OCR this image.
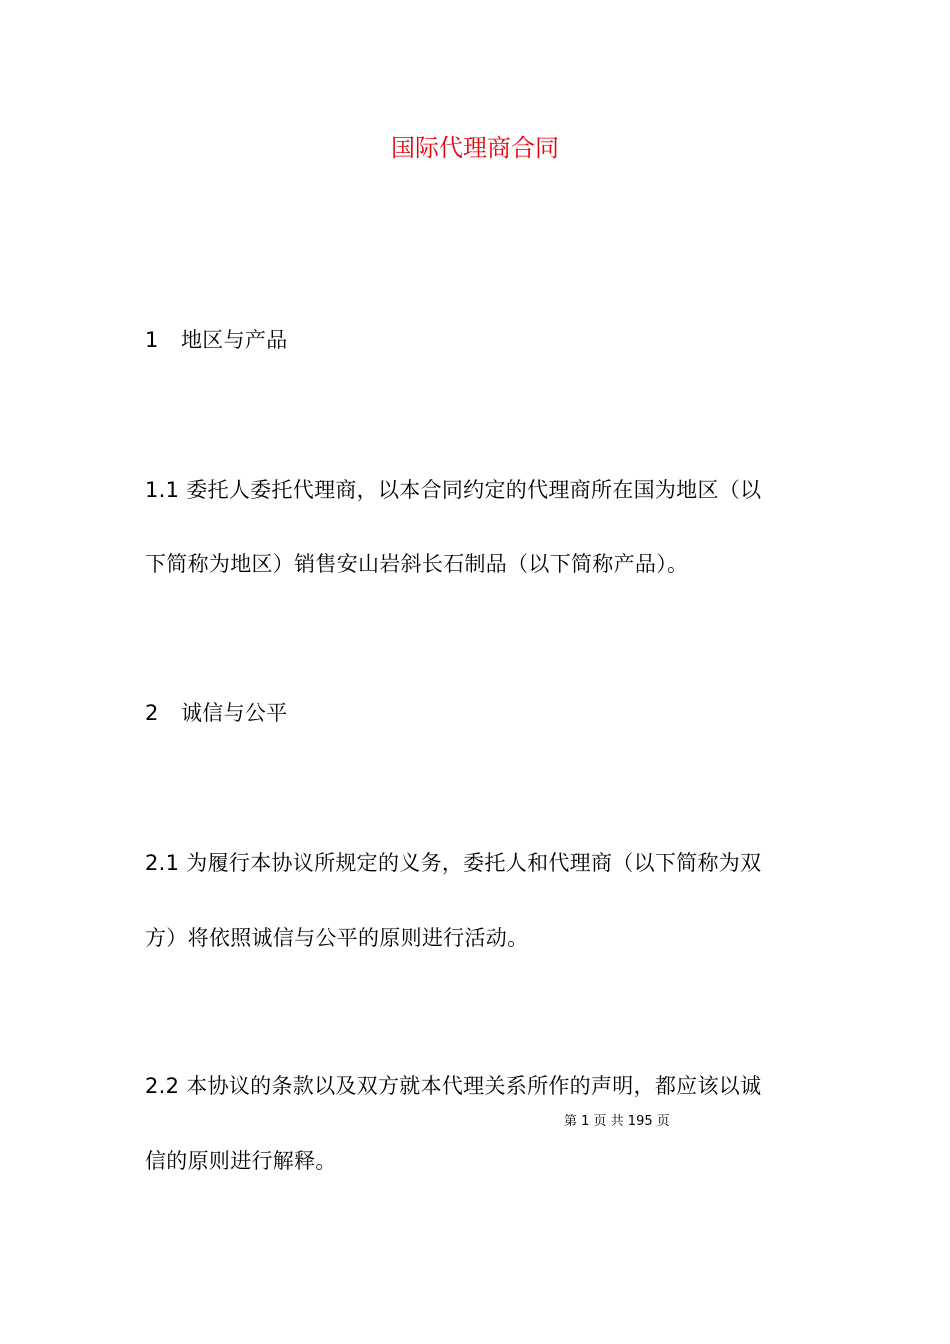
国际代理商合同
1 地区与产品
1.1 委托人委托代理商，以本合同约定的代理商所在国为地区（以
下简称为地区）销售安山岩斜长石制品（以下简称产品）。
2 诚信与公平
2.1 为履行本协议所规定的义务，委托人和代理商（以下简称为双
方）将依照诚信与公平的原则进行活动。
2.2 本协议的条款以及双方就本代理关系所作的声明，都应该以诚
第 1 页 共 195 页
信的原则进行解释。
